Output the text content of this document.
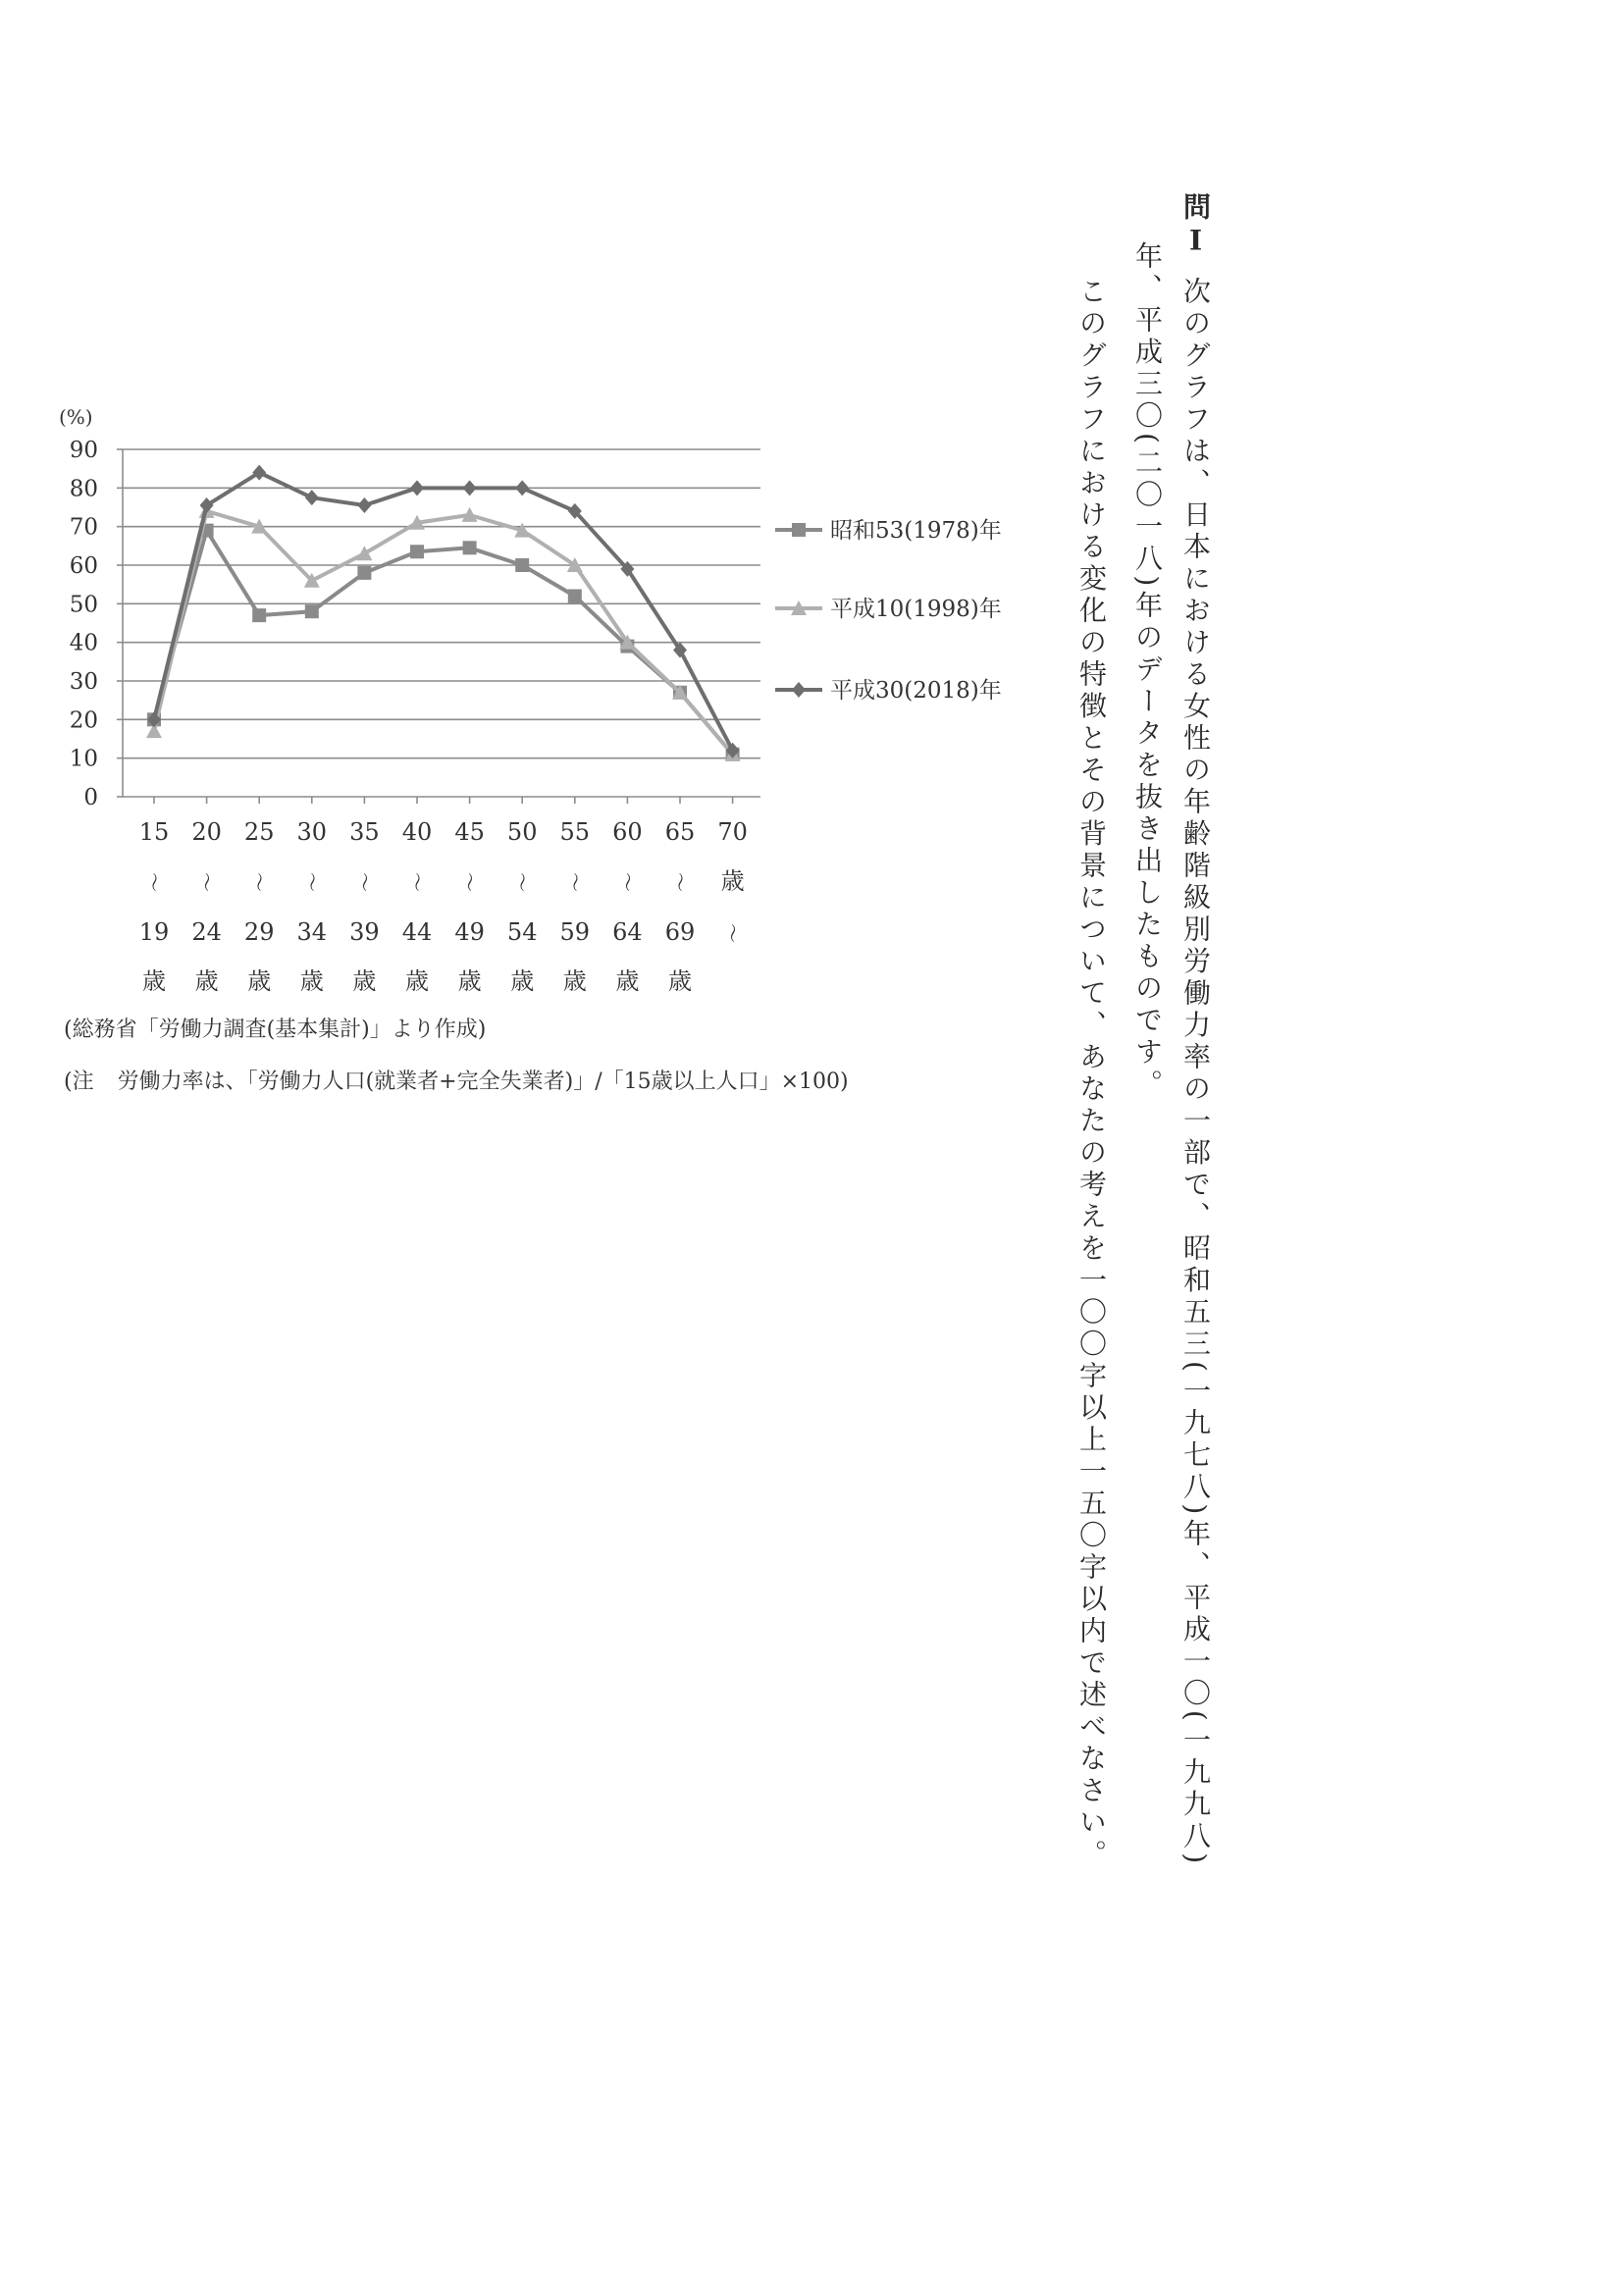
問Ⅰ
次のグラフは、日本における女性の年齢階級別労働力率の一部で、昭和五三(一九七八)年、平成一〇(一九九八)
年、平成三〇(二〇一八)年のデータを抜き出したものです。
このグラフにおける変化の特徴とその背景について、あなたの考えを一〇〇字以上一五〇字以内で述べなさい。
0
10
20
30
40
50
60
70
80
90
(%)
15
〜
19
歳
20
〜
24
歳
25
〜
29
歳
30
〜
34
歳
35
〜
39
歳
40
〜
44
歳
45
〜
49
歳
50
〜
54
歳
55
〜
59
歳
60
〜
64
歳
65
〜
69
歳
70
歳
〜
昭和53(1978)年
平成10(1998)年
平成30(2018)年
(総務省「労働力調査(基本集計)」より作成)
(注 労働力率は、「労働力人口(就業者+完全失業者)」/「15歳以上人口」×100)
